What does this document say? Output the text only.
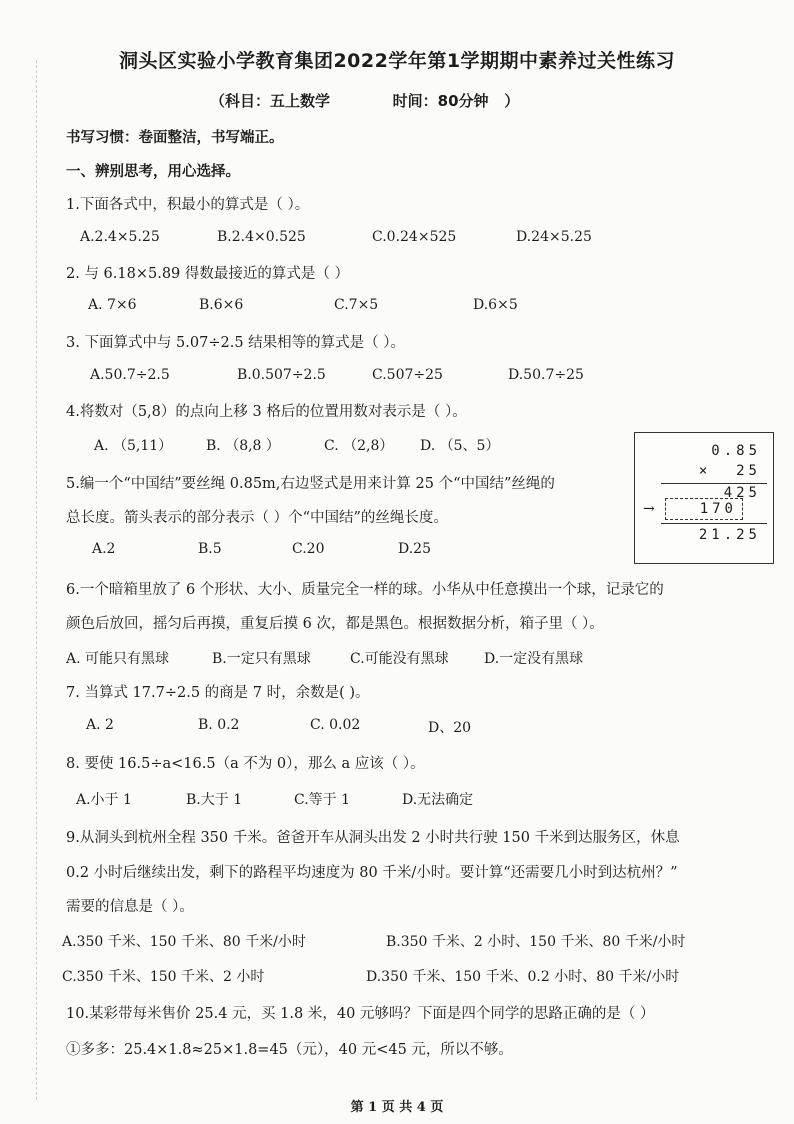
洞头区实验小学教育集团2022学年第1学期期中素养过关性练习
（科目：五上数学            时间：80分钟   ）
书写习惯：卷面整洁，书写端正。
一、辨别思考，用心选择。
1.下面各式中，积最小的算式是（ ）。
A.2.4×5.25	B.2.4×0.525	C.0.24×525	D.24×5.25
2. 与 6.18×5.89 得数最接近的算式是（ ）
A. 7×6	B.6×6	C.7×5	D.6×5
3. 下面算式中与 5.07÷2.5 结果相等的算式是（ ）。
A.50.7÷2.5	B.0.507÷2.5	C.507÷25	D.50.7÷25
4.将数对（5,8）的点向上移 3 格后的位置用数对表示是（ ）。
A. （5,11） B. （8,8 ）	C. （2,8） D. （5、5）
5.编一个“中国结”要丝绳 0.85m,右边竖式是用来计算 25 个“中国结”丝绳的
总长度。箭头表示的部分表示（ ）个“中国结”的丝绳长度。
A.2	B.5	C.20	D.25
0.85
×  25
425
→	170
21.25
6.一个暗箱里放了 6 个形状、大小、质量完全一样的球。小华从中任意摸出一个球，记录它的
颜色后放回，摇匀后再摸，重复后摸 6 次，都是黑色。根据数据分析，箱子里（ ）。
A. 可能只有黑球	B.一定只有黑球	C.可能没有黑球	D.一定没有黑球
7. 当算式 17.7÷2.5 的商是 7 时，余数是( )。
A. 2	B. 0.2	C. 0.02	D、20
8. 要使 16.5÷a<16.5（a 不为 0），那么 a 应该（ ）。
A.小于 1	B.大于 1	C.等于 1	D.无法确定
9.从洞头到杭州全程 350 千米。爸爸开车从洞头出发 2 小时共行驶 150 千米到达服务区，休息
0.2 小时后继续出发，剩下的路程平均速度为 80 千米/小时。要计算“还需要几小时到达杭州？”
需要的信息是（ ）。
A.350 千米、150 千米、80 千米/小时	B.350 千米、2 小时、150 千米、80 千米/小时
C.350 千米、150 千米、2 小时	D.350 千米、150 千米、0.2 小时、80 千米/小时
10.某彩带每米售价 25.4 元，买 1.8 米，40 元够吗？下面是四个同学的思路正确的是（ ）
①多多：25.4×1.8≈25×1.8=45（元），40 元<45 元，所以不够。
第 1 页 共 4 页
